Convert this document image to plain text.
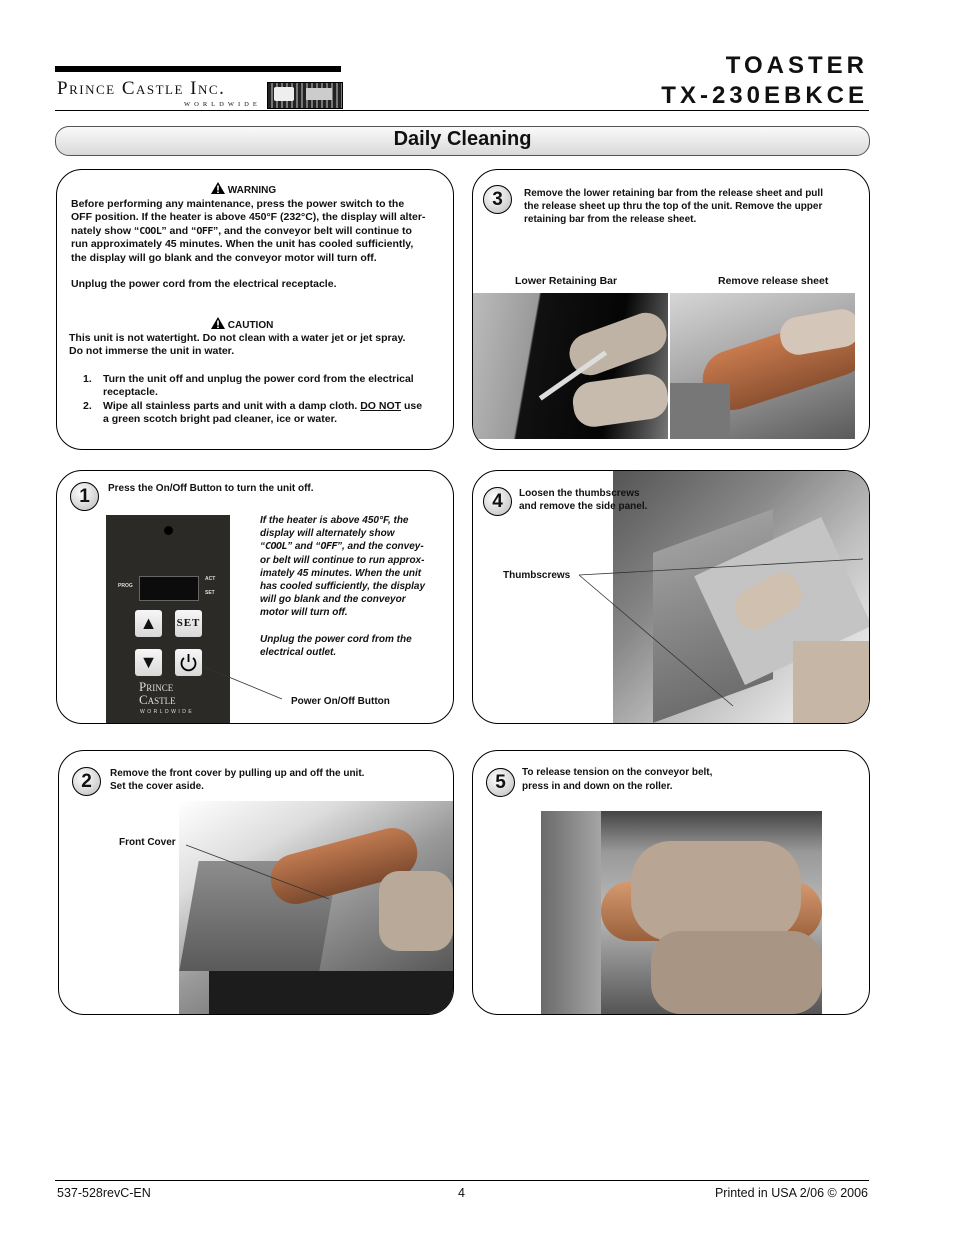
Prince Castle Inc.
WORLDWIDE
TOASTER
TX-230EBKCE
Daily Cleaning
WARNING
Before performing any maintenance, press the power switch to the
OFF position. If the heater is above 450°F (232°C), the display will alter-
nately show “COOL” and “OFF”, and the conveyor belt will continue to
run approximately 45 minutes. When the unit has cooled sufficiently,
the display will go blank and the conveyor motor will turn off.
Unplug the power cord from the electrical receptacle.
CAUTION
This unit is not watertight. Do not clean with a water jet or jet spray.
Do not immerse the unit in water.
1. Turn the unit off and unplug the power cord from the electrical
receptacle.
2. Wipe all stainless parts and unit with a damp cloth. DO NOT use
a green scotch bright pad cleaner, ice or water.
3	Remove the lower retaining bar from the release sheet and pull
the release sheet up thru the top of the unit. Remove the upper
retaining bar from the release sheet.
Lower Retaining Bar	Remove release sheet
1	Press the On/Off Button to turn the unit off.
PROG
ACT
SET
▲	SET
▼
Prince
Castle
WORLDWIDE
If the heater is above 450°F, the
display will alternately show
“COOL” and “OFF”, and the convey-
or belt will continue to run approx-
imately 45 minutes. When the unit
has cooled sufficiently, the display
will go blank and the conveyor
motor will turn off.
Unplug the power cord from the
electrical outlet.
Power On/Off Button
4	Loosen the thumbscrews
and remove the side panel.
Thumbscrews
2	Remove the front cover by pulling up and off the unit.
Set the cover aside.
Front Cover
5	To release tension on the conveyor belt,
press in and down on the roller.
537-528revC-EN	4	Printed in USA 2/06 © 2006
